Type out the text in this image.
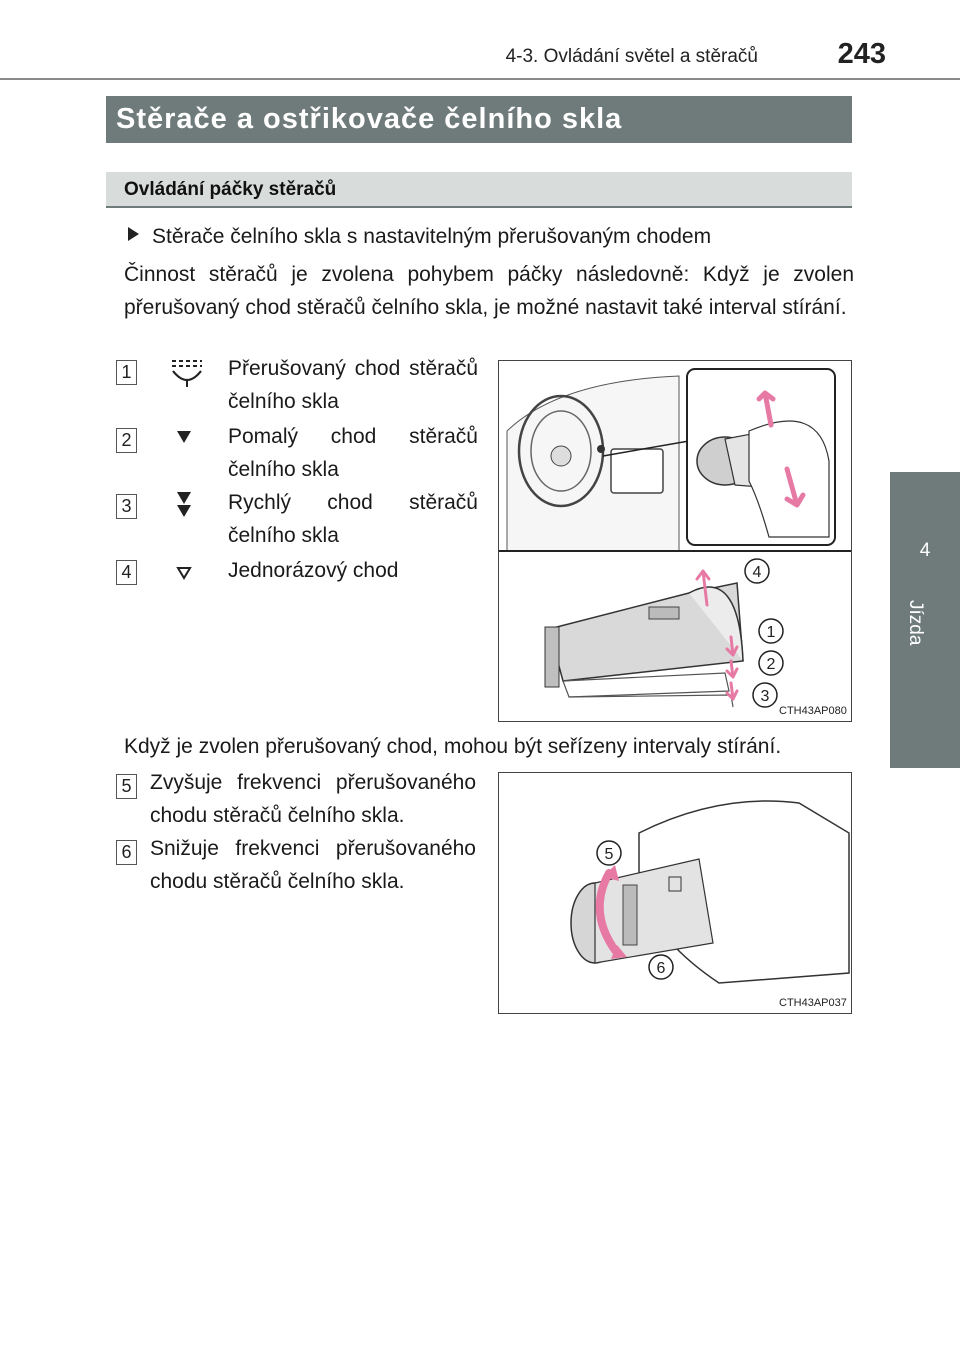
4-3. Ovládání světel a stěračů	243
4
Jízda
Stěrače a ostřikovače čelního skla
Ovládání páčky stěračů
Stěrače čelního skla s nastavitelným přerušovaným chodem
Činnost stěračů je zvolena pohybem páčky následovně: Když je zvolen přerušovaný chod stěračů čelního skla, je možné nastavit také interval stírání.
1	Přerušovaný chod stěračů čelního skla
2	Pomalý chod stěračů čelního skla
3	Rychlý chod stěračů čelního skla
4	Jednorázový chod	4
1
2
3
CTH43AP080
Když je zvolen přerušovaný chod, mohou být seřízeny intervaly stírání.
5 Zvyšuje frekvenci přerušovaného chodu stěračů čelního skla.
6 Snižuje frekvenci přerušovaného chodu stěračů čelního skla.
5
6
CTH43AP037
